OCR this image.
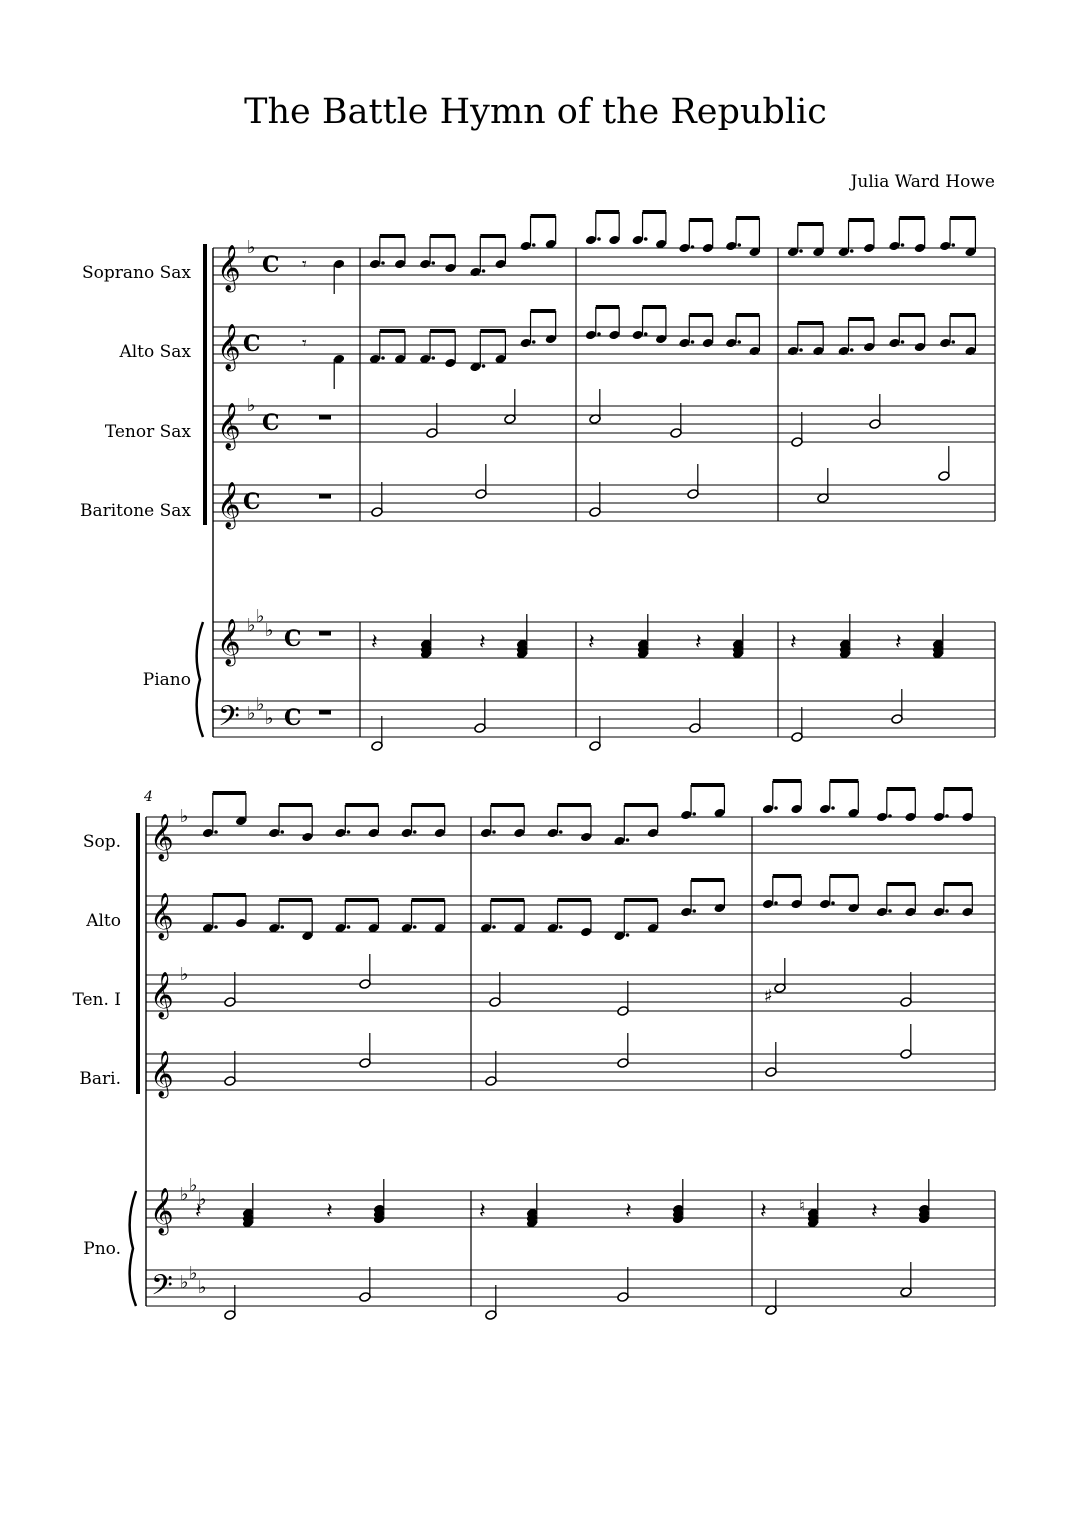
The Battle Hymn of the Republic
Julia Ward Howe
Soprano Sax
Alto Sax
Tenor Sax
Baritone Sax
Piano
4
Sop.
Alto
Ten. I
Bari.
Pno.
𝄞
𝄞
𝄞
𝄞
𝄞
𝄢
♭
♭
♭ ♭
♭
♭ ♭
♭
C
C
C
C
C
C
𝄾
𝄾
𝄽	𝄽	𝄽	𝄽	𝄽	𝄽
𝄞
𝄞
𝄞
𝄞
𝄞
𝄢
♭
♭
♭ ♭
♭
♭ ♭
♭
♯
𝄽	𝄽	𝄽	𝄽	𝄽	𝄽
♮
